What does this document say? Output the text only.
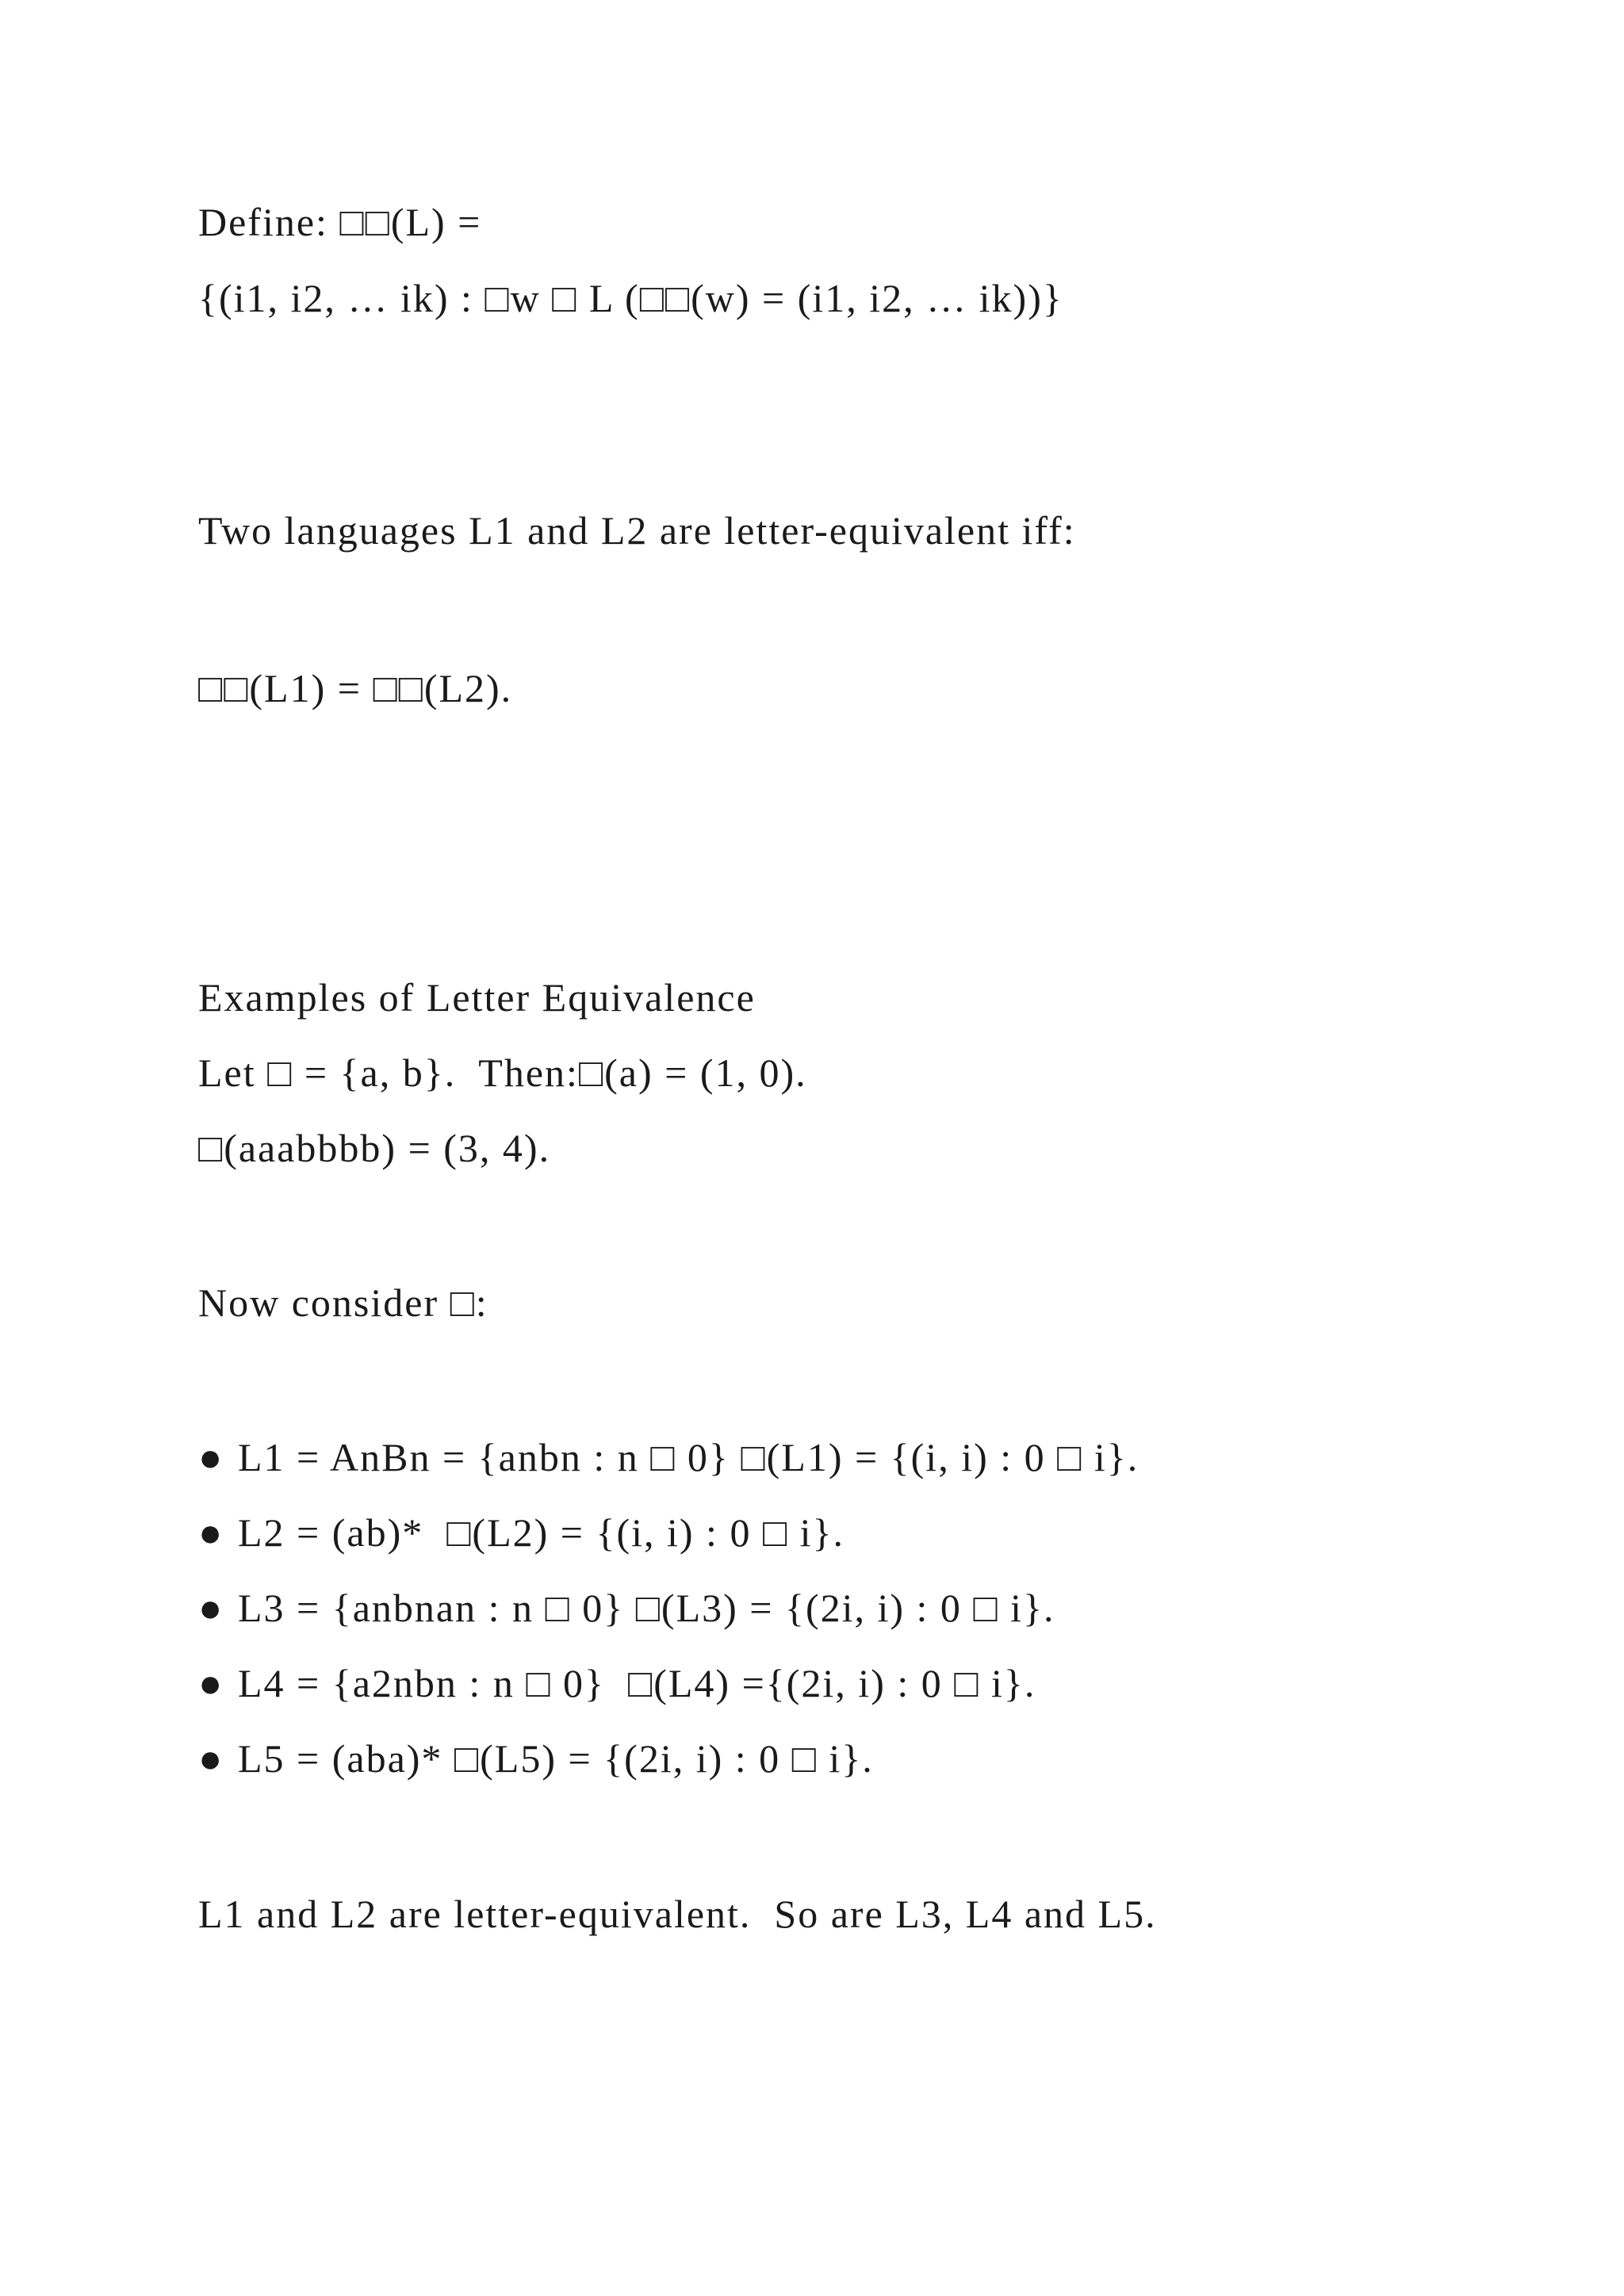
Define: □□(L) =
{(i1, i2, … ik) : □w □ L (□□(w) = (i1, i2, … ik))}
Two languages L1 and L2 are letter-equivalent iff:
□□(L1) = □□(L2).
Examples of Letter Equivalence
Let □ = {a, b}.  Then:□(a) = (1, 0).
□(aaabbbb) = (3, 4).
Now consider □:
● L1 = AnBn = {anbn : n □ 0} □(L1) = {(i, i) : 0 □ i}.
● L2 = (ab)*  □(L2) = {(i, i) : 0 □ i}.
● L3 = {anbnan : n □ 0} □(L3) = {(2i, i) : 0 □ i}.
● L4 = {a2nbn : n □ 0}  □(L4) ={(2i, i) : 0 □ i}.
● L5 = (aba)* □(L5) = {(2i, i) : 0 □ i}.
L1 and L2 are letter-equivalent.  So are L3, L4 and L5.
